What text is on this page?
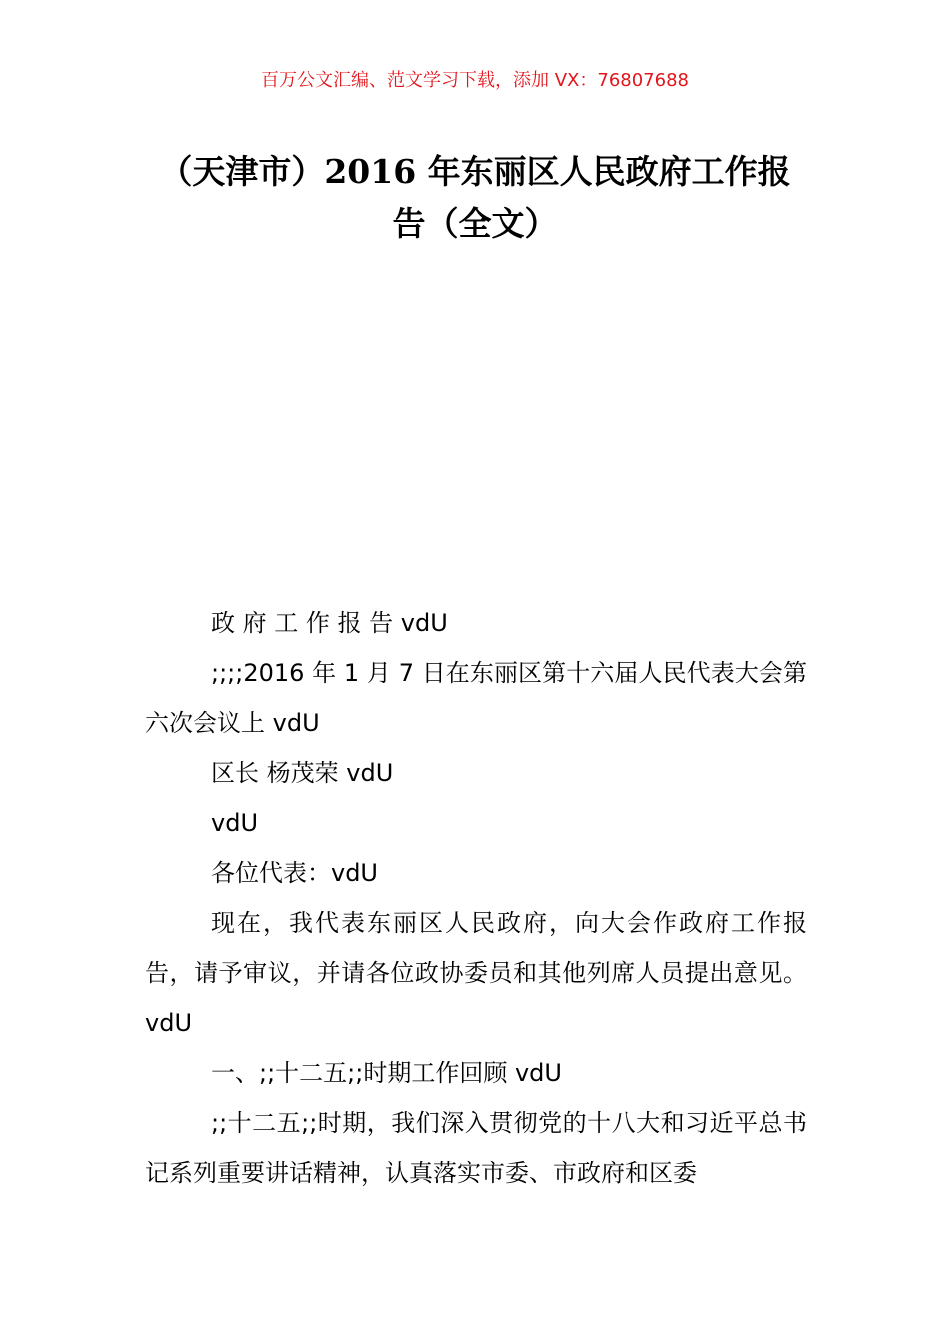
百万公文汇编、范文学习下载，添加 VX：76807688
（天津市）2016 年东丽区人民政府工作报
告（全文）

政 府 工 作 报 告 vdU

;;;;2016 年 1 月 7 日在东丽区第十六届人民代表大会第六次会议上 vdU

区长 杨茂荣 vdU

vdU

各位代表：vdU

现在，我代表东丽区人民政府，向大会作政府工作报告，请予审议，并请各位政协委员和其他列席人员提出意见。vdU

一、;;十二五;;时期工作回顾 vdU

;;十二五;;时期，我们深入贯彻党的十八大和习近平总书记系列重要讲话精神，认真落实市委、市政府和区委
